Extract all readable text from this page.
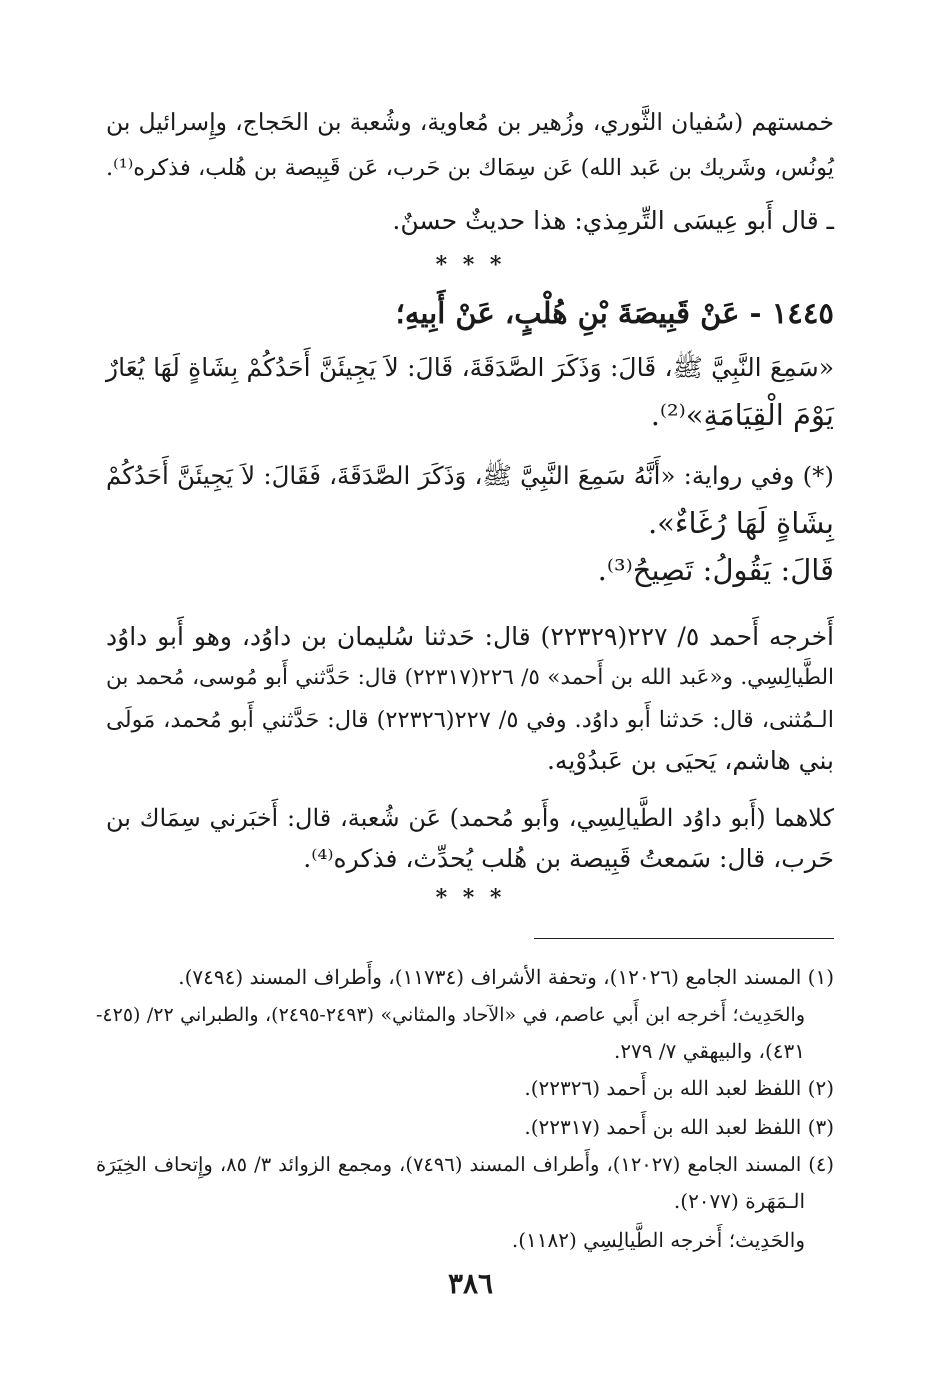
خمستهم (سُفيان الثَّوري، وزُهير بن مُعاوية، وشُعبة بن الحَجاج، وإِسرائيل بن
يُونُس، وشَريك بن عَبد الله) عَن سِمَاك بن حَرب، عَن قَبِيصة بن هُلب، فذكره⁽¹⁾.
ـ قال أَبو عِيسَى التِّرمِذي: هذا حديثٌ حسنٌ.
* * *
١٤٤٥ - عَنْ قَبِيصَةَ بْنِ هُلْبٍ، عَنْ أَبِيهِ؛
«سَمِعَ النَّبِيَّ ﷺ، قَالَ: وَذَكَرَ الصَّدَقَةَ، قَالَ: لاَ يَجِيئَنَّ أَحَدُكُمْ بِشَاةٍ لَهَا يُعَارٌ
يَوْمَ الْقِيَامَةِ»⁽²⁾.
(*) وفي رواية: «أَنَّهُ سَمِعَ النَّبِيَّ ﷺ، وَذَكَرَ الصَّدَقَةَ، فَقَالَ: لاَ يَجِيئَنَّ أَحَدُكُمْ
بِشَاةٍ لَهَا رُغَاءٌ».
قَالَ: يَقُولُ: تَصِيحُ⁽³⁾.
أَخرجه أَحمد ٥/ ٢٢٧(٢٢٣٢٩) قال: حَدثنا سُليمان بن داوُد، وهو أَبو داوُد
الطَّيالِسِي. و«عَبد الله بن أَحمد» ٥/ ٢٢٦(٢٢٣١٧) قال: حَدَّثني أَبو مُوسى، مُحمد بن
الـمُثنى، قال: حَدثنا أَبو داوُد. وفي ٥/ ٢٢٧(٢٢٣٢٦) قال: حَدَّثني أَبو مُحمد، مَولَى
بني هاشم، يَحيَى بن عَبدُوْيه.
كلاهما (أَبو داوُد الطَّيالِسِي، وأَبو مُحمد) عَن شُعبة، قال: أَخبَرني سِمَاك بن
حَرب، قال: سَمعتُ قَبِيصة بن هُلب يُحدِّث، فذكره⁽⁴⁾.
* * *
(١) المسند الجامع (١٢٠٢٦)، وتحفة الأشراف (١١٧٣٤)، وأَطراف المسند (٧٤٩٤).
والحَدِيث؛ أَخرجه ابن أَبي عاصم، في «الآحاد والمثاني» (٢٤٩٣-٢٤٩٥)، والطبراني ٢٢/ (٤٢٥-
٤٣١)، والبيهقي ٧/ ٢٧٩.
(٢) اللفظ لعبد الله بن أَحمد (٢٢٣٢٦).
(٣) اللفظ لعبد الله بن أَحمد (٢٢٣١٧).
(٤) المسند الجامع (١٢٠٢٧)، وأَطراف المسند (٧٤٩٦)، ومجمع الزوائد ٣/ ٨٥، وإِتحاف الخِيَرَة
الـمَهَرة (٢٠٧٧).
والحَدِيث؛ أَخرجه الطَّيالِسِي (١١٨٢).
٣٨٦
